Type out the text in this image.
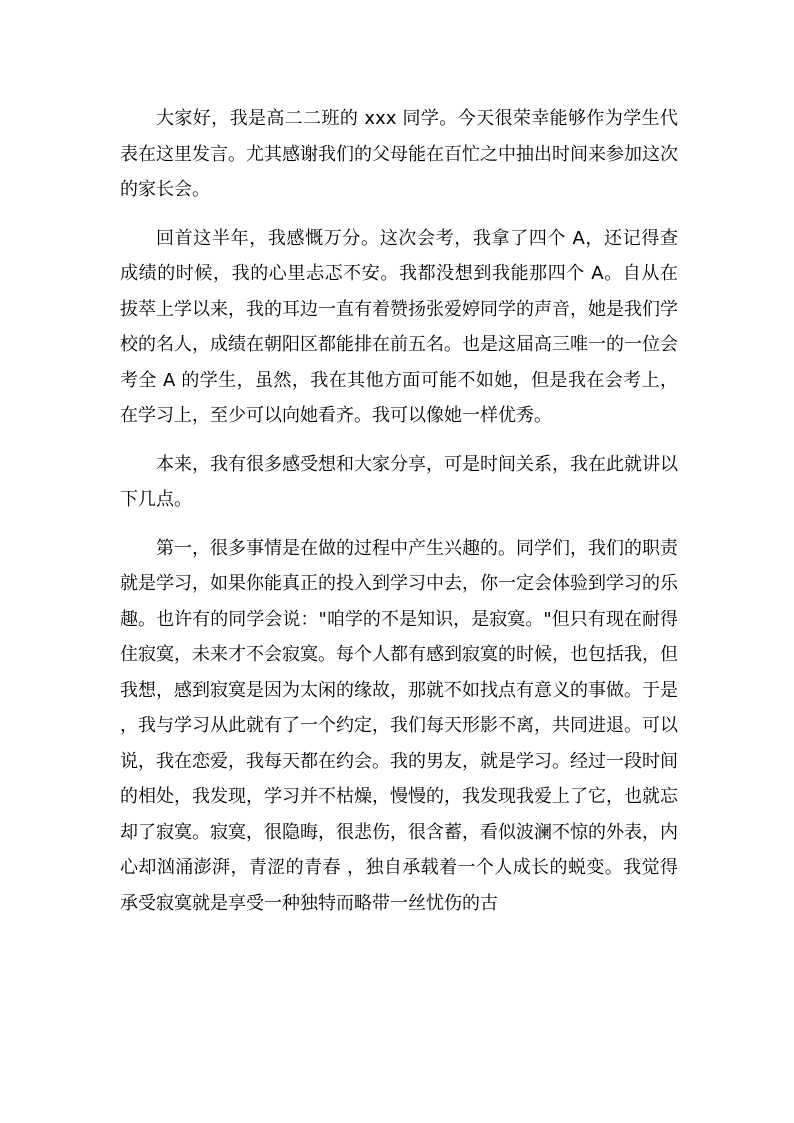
大家好，我是高二二班的 xxx 同学。今天很荣幸能够作为学生代表在这里发言。尤其感谢我们的父母能在百忙之中抽出时间来参加这次的家长会。

回首这半年，我感慨万分。这次会考，我拿了四个 A，还记得查成绩的时候，我的心里忐忑不安。我都没想到我能那四个 A。自从在拔萃上学以来，我的耳边一直有着赞扬张爱婷同学的声音，她是我们学校的名人，成绩在朝阳区都能排在前五名。也是这届高三唯一的一位会考全 A 的学生，虽然，我在其他方面可能不如她，但是我在会考上，在学习上，至少可以向她看齐。我可以像她一样优秀。

本来，我有很多感受想和大家分享，可是时间关系，我在此就讲以下几点。

第一，很多事情是在做的过程中产生兴趣的。同学们，我们的职责就是学习，如果你能真正的投入到学习中去，你一定会体验到学习的乐趣。也许有的同学会说："咱学的不是知识，是寂寞。"但只有现在耐得住寂寞，未来才不会寂寞。每个人都有感到寂寞的时候，也包括我，但我想，感到寂寞是因为太闲的缘故，那就不如找点有意义的事做。于是，我与学习从此就有了一个约定，我们每天形影不离，共同进退。可以说，我在恋爱，我每天都在约会。我的男友，就是学习。经过一段时间的相处，我发现，学习并不枯燥，慢慢的，我发现我爱上了它，也就忘却了寂寞。寂寞，很隐晦，很悲伤，很含蓄，看似波澜不惊的外表，内心却汹涌澎湃，青涩的青春 ，独自承载着一个人成长的蜕变。我觉得承受寂寞就是享受一种独特而略带一丝忧伤的古
